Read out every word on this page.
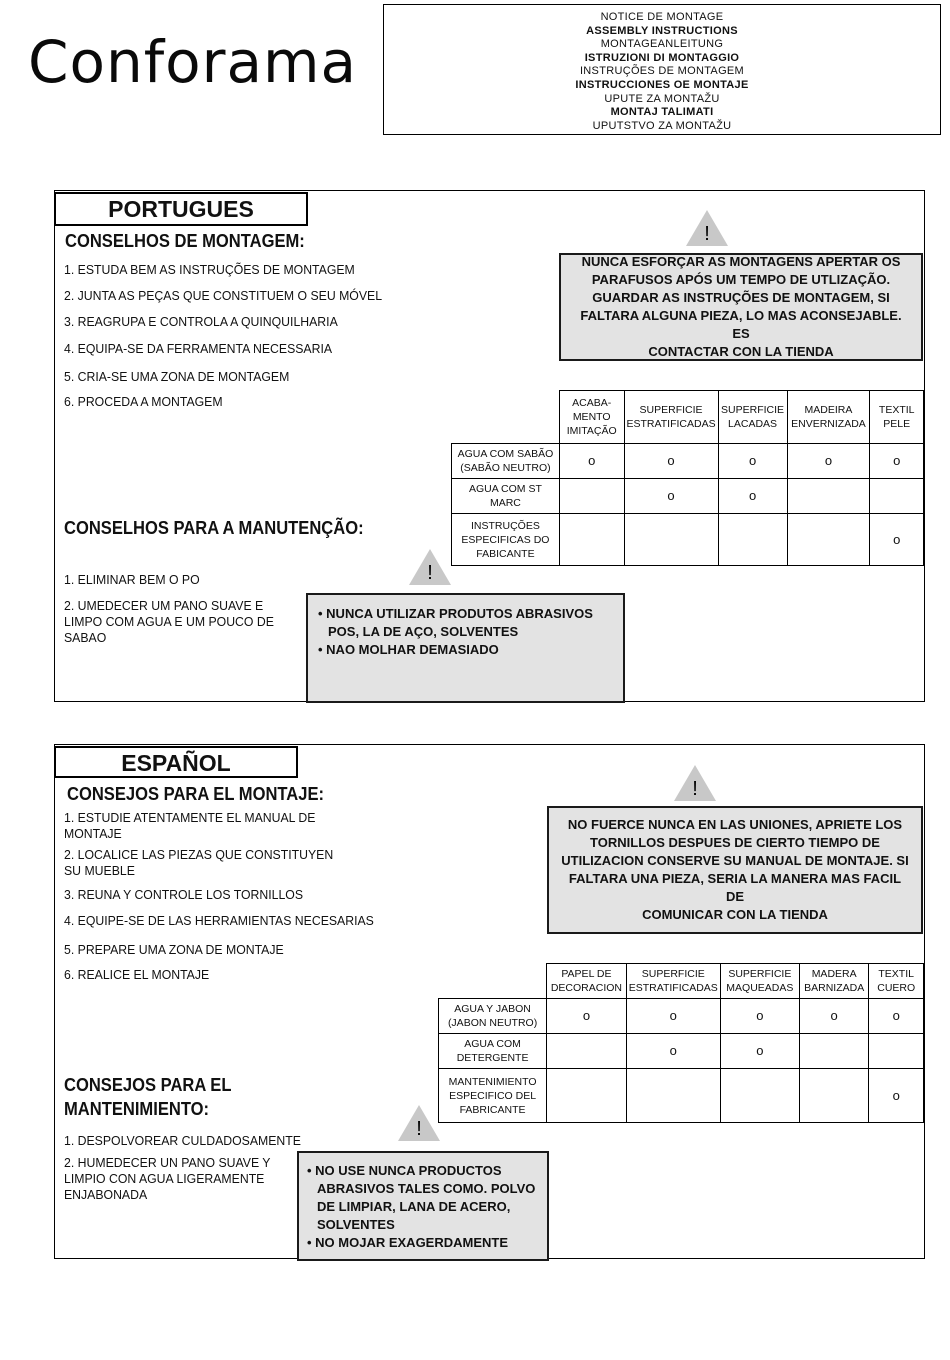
Conforama
NOTICE DE MONTAGE
ASSEMBLY INSTRUCTIONS
MONTAGEANLEITUNG
ISTRUZIONI DI MONTAGGIO
INSTRUÇÕES DE MONTAGEM
INSTRUCCIONES OE MONTAJE
UPUTE ZA MONTAŽU
MONTAJ TALIMATI
UPUTSTVO ZA MONTAŽU
PORTUGUES
CONSELHOS DE MONTAGEM:
1. ESTUDA BEM AS INSTRUÇÕES DE MONTAGEM
2. JUNTA AS PEÇAS QUE CONSTITUEM O SEU MÓVEL
3. REAGRUPA E CONTROLA A QUINQUILHARIA
4. EQUIPA-SE DA FERRAMENTA NECESSARIA
5. CRIA-SE UMA ZONA DE MONTAGEM
6. PROCEDA A MONTAGEM
!
NUNCA ESFORÇAR AS MONTAGENS APERTAR OS
PARAFUSOS APÓS UM TEMPO DE UTLIZAÇÃO.
GUARDAR AS INSTRUÇÕES DE MONTAGEM, SI
FALTARA ALGUNA PIEZA, LO MAS ACONSEJABLE. ES
CONTACTAR CON LA TIENDA
	ACABA-MENTO IMITAÇÃO	SUPERFICIE ESTRATIFICADAS	SUPERFICIE LACADAS	MADEIRA ENVERNIZADA	TEXTIL PELE
AGUA COM SABÃO (SABÃO NEUTRO)	o	o	o	o	o
AGUA COM ST MARC		o	o		
INSTRUÇÕES ESPECIFICAS DO FABICANTE					o
CONSELHOS PARA A MANUTENÇÃO:
1. ELIMINAR BEM O PO
2. UMEDECER UM PANO SUAVE E LIMPO COM AGUA E UM POUCO DE SABAO
!
• NUNCA UTILIZAR PRODUTOS ABRASIVOS POS, LA DE AÇO, SOLVENTES
• NAO MOLHAR DEMASIADO
ESPAÑOL
CONSEJOS PARA EL MONTAJE:
1. ESTUDIE ATENTAMENTE EL MANUAL DE MONTAJE
2. LOCALICE LAS PIEZAS QUE CONSTITUYEN SU MUEBLE
3. REUNA Y CONTROLE LOS TORNILLOS
4. EQUIPE-SE DE LAS HERRAMIENTAS NECESARIAS
5. PREPARE UMA ZONA DE MONTAJE
6. REALICE EL MONTAJE
!
NO FUERCE NUNCA EN LAS UNIONES, APRIETE LOS
TORNILLOS DESPUES DE CIERTO TIEMPO DE
UTILIZACION CONSERVE SU MANUAL DE MONTAJE. SI
FALTARA UNA PIEZA, SERIA LA MANERA MAS FACIL DE
COMUNICAR CON LA TIENDA
	PAPEL DE DECORACION	SUPERFICIE ESTRATIFICADAS	SUPERFICIE MAQUEADAS	MADERA BARNIZADA	TEXTIL CUERO
AGUA Y JABON (JABON NEUTRO)	o	o	o	o	o
AGUA COM DETERGENTE		o	o		
MANTENIMIENTO ESPECIFICO DEL FABRICANTE					o
CONSEJOS PARA EL MANTENIMIENTO:
1. DESPOLVOREAR CULDADOSAMENTE
2. HUMEDECER UN PANO SUAVE Y LIMPIO CON AGUA LIGERAMENTE ENJABONADA
!
• NO USE NUNCA PRODUCTOS ABRASIVOS TALES COMO. POLVO DE LIMPIAR, LANA DE ACERO, SOLVENTES
• NO MOJAR EXAGERDAMENTE
